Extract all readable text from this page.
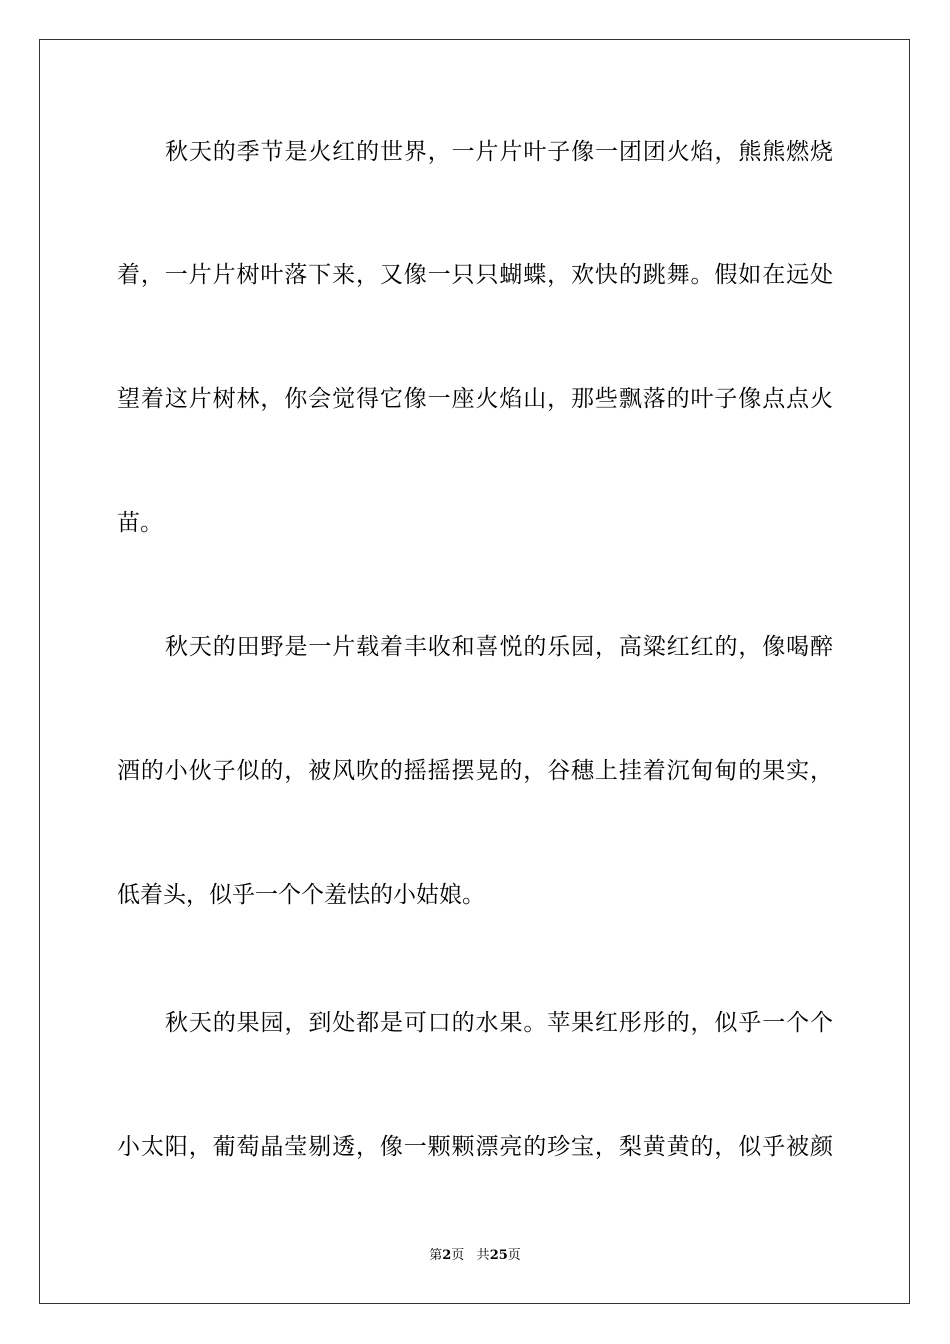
秋天的季节是火红的世界，一片片叶子像一团团火焰，熊熊燃烧
着，一片片树叶落下来，又像一只只蝴蝶，欢快的跳舞。假如在远处
望着这片树林，你会觉得它像一座火焰山，那些飘落的叶子像点点火
苗。
秋天的田野是一片载着丰收和喜悦的乐园，高粱红红的，像喝醉
酒的小伙子似的，被风吹的摇摇摆晃的，谷穗上挂着沉甸甸的果实，
低着头，似乎一个个羞怯的小姑娘。
秋天的果园，到处都是可口的水果。苹果红彤彤的，似乎一个个
小太阳，葡萄晶莹剔透，像一颗颗漂亮的珍宝，梨黄黄的，似乎被颜
第2页 共25页
